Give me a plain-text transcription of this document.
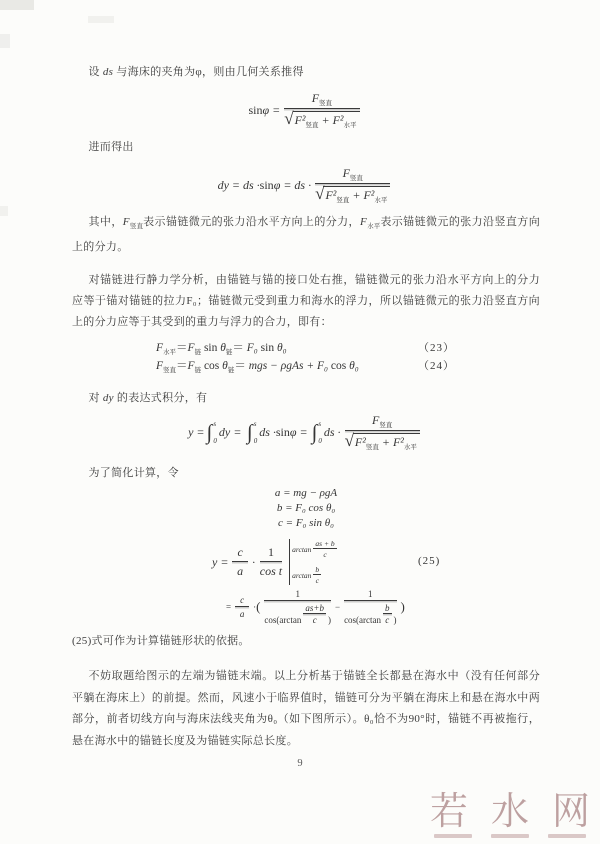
设 ds 与海床的夹角为φ，则由几何关系推得

$\sin \varphi = \frac{F_{竖直}}{√ F^2_{竖直} + F^2_{水平}}$

进而得出

dy = ds · sin φ = ds · $\frac{F_{竖直}}{√ F^2_{竖直} + F^2_{水平}}$

其中，$F_{竖直}$表示锚链微元的张力沿水平方向上的分力，$F_{水平}$表示锚链微元的张力沿竖直方向上的分力。

对锚链进行静力学分析，由锚链与锚的接口处右推，锚链微元的张力沿水平方向上的分力应等于锚对锚链的拉力F₀；锚链微元受到重力和海水的浮力，所以锚链微元的张力沿竖直方向上的分力应等于其受到的重力与浮力的合力，即有：

$F_{水平}=F_链$ $\sin \theta_链= F_0$ sin θ₀	（23）
$F_{竖直}=F_链$ $\cos \theta_链=$ mgs − ρgAs + F₀ cos θ₀	（24）

对 dy 的表达式积分，有

y = ∫ s
0
dy = ∫ s
0
ds · sin φ = ∫ s
0
ds · $\frac{F_{竖直}}{√ F^2_{竖直} + F^2_{水平}}$

为了简化计算，令

a = mg − ρgA
b = F₀ cos θ₀
c = F₀ sin θ₀
$y = \frac{c}{a} \cdot \frac{1}{\text{cos t}}$ $\arctan \frac{as + b}{c}$
$\arctan \frac{b}{c}$
= $\frac{c}{a}$ · ( $\frac{1}{\cos(\arctan \frac{as+b}{c} )} - \frac{1}{\cos(\arctan \frac{b}{c} )}$ )
(25)

(25)式可作为计算锚链形状的依据。

不妨取题给图示的左端为锚链末端。以上分析基于锚链全长都悬在海水中（没有任何部分平躺在海床上）的前提。然而，风速小于临界值时，锚链可分为平躺在海床上和悬在海水中两部分，前者切线方向与海床法线夹角为θ₀（如下图所示）。θ₀恰不为90°时，锚链不再被拖行，悬在海水中的锚链长度及为锚链实际总长度。

9
若 水 网
